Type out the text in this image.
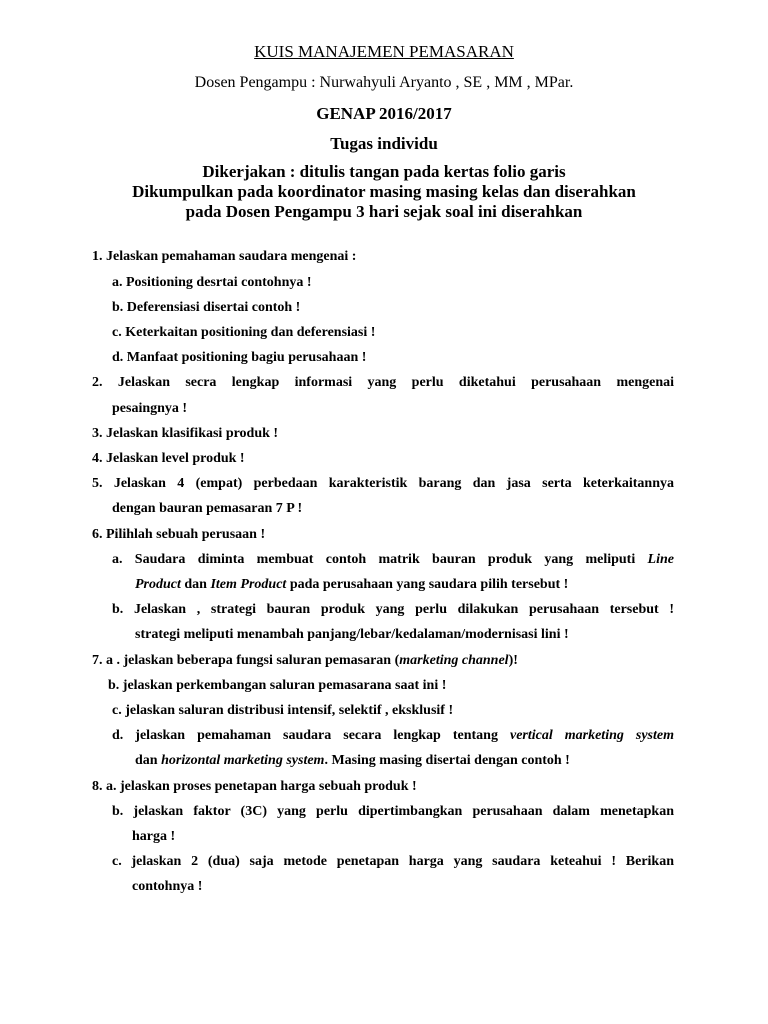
KUIS MANAJEMEN PEMASARAN
Dosen Pengampu : Nurwahyuli Aryanto , SE , MM , MPar.
GENAP 2016/2017
Tugas individu
Dikerjakan : ditulis tangan pada kertas folio garis
Dikumpulkan pada koordinator masing masing kelas dan diserahkan
pada Dosen Pengampu 3 hari sejak soal ini diserahkan
1. Jelaskan pemahaman saudara mengenai :
a. Positioning desrtai contohnya !
b. Deferensiasi disertai contoh !
c. Keterkaitan positioning dan deferensiasi !
d. Manfaat positioning bagiu perusahaan !
2. Jelaskan secra lengkap informasi yang perlu diketahui perusahaan mengenai
pesaingnya !
3. Jelaskan klasifikasi produk !
4. Jelaskan level produk !
5. Jelaskan 4 (empat) perbedaan karakteristik barang dan jasa serta keterkaitannya
dengan bauran pemasaran 7 P !
6. Pilihlah sebuah perusaan !
a. Saudara diminta membuat contoh matrik bauran produk yang meliputi Line
Product dan Item Product pada perusahaan yang saudara pilih tersebut !
b. Jelaskan , strategi bauran produk yang perlu dilakukan perusahaan tersebut !
strategi meliputi menambah panjang/lebar/kedalaman/modernisasi lini !
7. a . jelaskan beberapa fungsi saluran pemasaran (marketing channel)!
b. jelaskan perkembangan saluran pemasarana saat ini !
c. jelaskan saluran distribusi intensif, selektif , eksklusif !
d. jelaskan pemahaman saudara secara lengkap tentang vertical marketing system
dan horizontal marketing system. Masing masing disertai dengan contoh !
8. a. jelaskan proses penetapan harga sebuah produk !
b. jelaskan faktor (3C) yang perlu dipertimbangkan perusahaan dalam menetapkan
harga !
c. jelaskan 2 (dua) saja metode penetapan harga yang saudara keteahui ! Berikan
contohnya !
